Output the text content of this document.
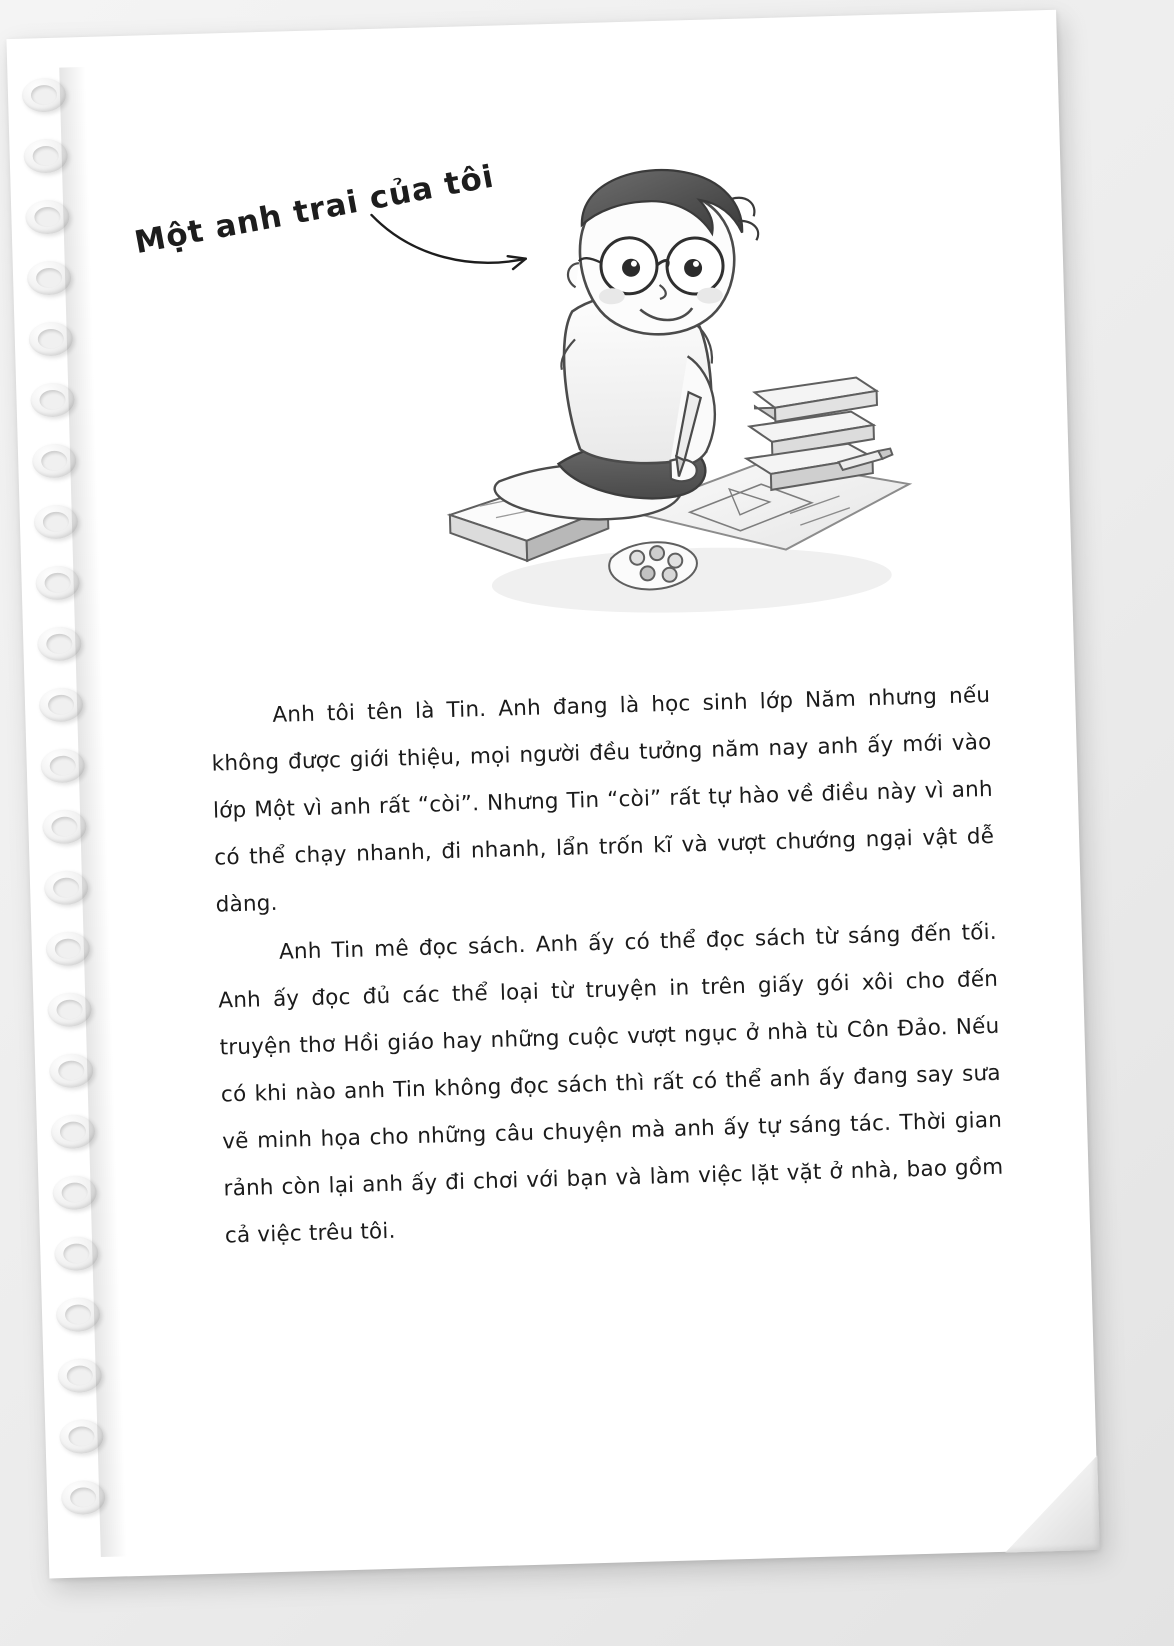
Một anh trai của tôi

Anh tôi tên là Tin. Anh đang là học sinh lớp Năm nhưng nếu không được giới thiệu, mọi người đều tưởng năm nay anh ấy mới vào lớp Một vì anh rất “còi”. Nhưng Tin “còi” rất tự hào về điều này vì anh có thể chạy nhanh, đi nhanh, lẩn trốn kĩ và vượt chướng ngại vật dễ dàng.

Anh Tin mê đọc sách. Anh ấy có thể đọc sách từ sáng đến tối. Anh ấy đọc đủ các thể loại từ truyện in trên giấy gói xôi cho đến truyện thơ Hồi giáo hay những cuộc vượt ngục ở nhà tù Côn Đảo. Nếu có khi nào anh Tin không đọc sách thì rất có thể anh ấy đang say sưa vẽ minh họa cho những câu chuyện mà anh ấy tự sáng tác. Thời gian rảnh còn lại anh ấy đi chơi với bạn và làm việc lặt vặt ở nhà, bao gồm cả việc trêu tôi.
